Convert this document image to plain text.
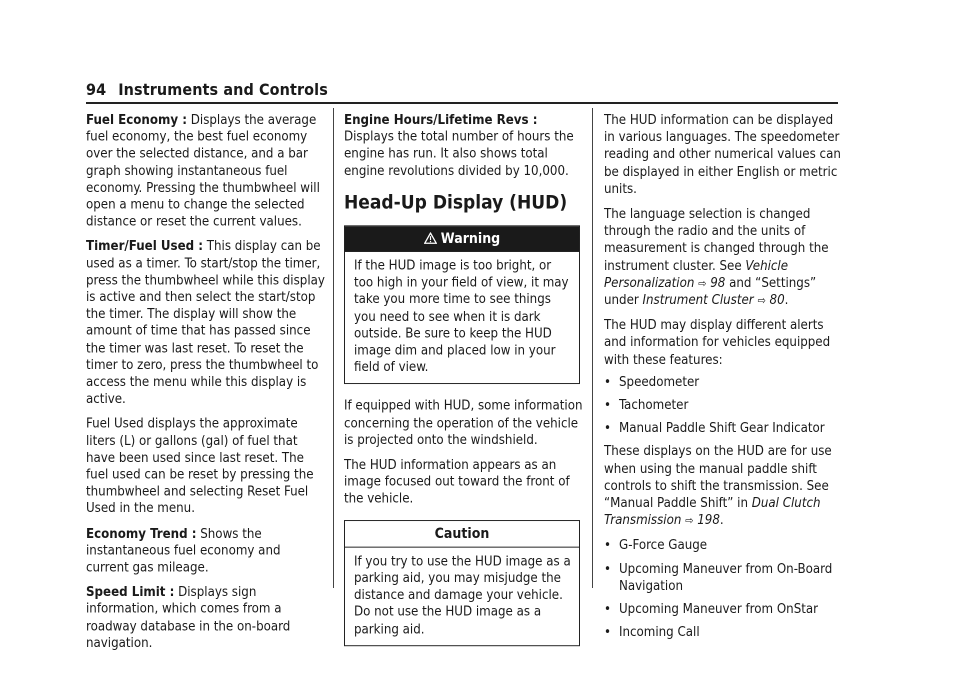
94 Instruments and Controls

Fuel Economy : Displays the average fuel economy, the best fuel economy over the selected distance, and a bar graph showing instantaneous fuel economy. Pressing the thumbwheel will open a menu to change the selected distance or reset the current values.

Timer/Fuel Used : This display can be used as a timer. To start/stop the timer, press the thumbwheel while this display is active and then select the start/stop the timer. The display will show the amount of time that has passed since the timer was last reset. To reset the timer to zero, press the thumbwheel to access the menu while this display is active.

Fuel Used displays the approximate liters (L) or gallons (gal) of fuel that have been used since last reset. The fuel used can be reset by pressing the thumbwheel and selecting Reset Fuel Used in the menu.

Economy Trend : Shows the instantaneous fuel economy and current gas mileage.

Speed Limit : Displays sign information, which comes from a roadway database in the on-board navigation.

Engine Hours/Lifetime Revs : Displays the total number of hours the engine has run. It also shows total engine revolutions divided by 10,000.

Head-Up Display (HUD)
Warning
If the HUD image is too bright, or too high in your field of view, it may take you more time to see things you need to see when it is dark outside. Be sure to keep the HUD image dim and placed low in your field of view.

If equipped with HUD, some information concerning the operation of the vehicle is projected onto the windshield.

The HUD information appears as an image focused out toward the front of the vehicle.

Caution
If you try to use the HUD image as a parking aid, you may misjudge the distance and damage your vehicle. Do not use the HUD image as a parking aid.

The HUD information can be displayed in various languages. The speedometer reading and other numerical values can be displayed in either English or metric units.

The language selection is changed through the radio and the units of measurement is changed through the instrument cluster. See Vehicle Personalization ⇨ 98 and “Settings” under Instrument Cluster ⇨ 80.

The HUD may display different alerts and information for vehicles equipped with these features:

• Speedometer
• Tachometer
• Manual Paddle Shift Gear Indicator

These displays on the HUD are for use when using the manual paddle shift controls to shift the transmission. See “Manual Paddle Shift” in Dual Clutch Transmission ⇨ 198.

• G-Force Gauge
• Upcoming Maneuver from On-Board Navigation
• Upcoming Maneuver from OnStar
• Incoming Call
